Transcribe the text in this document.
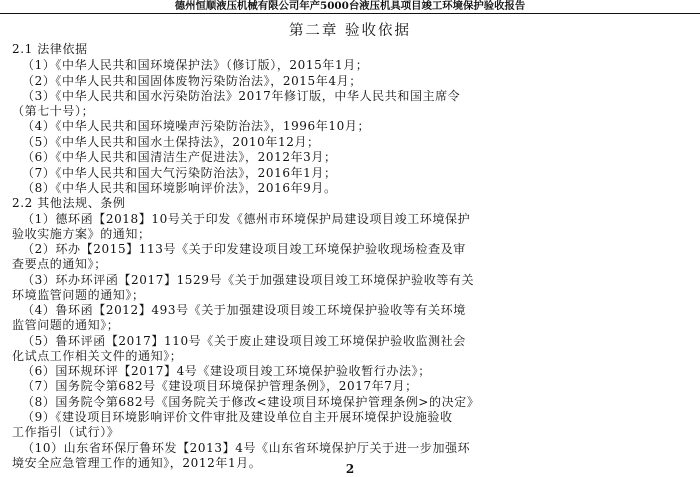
德州恒顺液压机械有限公司年产5000台液压机具项目竣工环境保护验收报告
第二章 验收依据
2.1 法律依据
（1）《中华人民共和国环境保护法》（修订版），2015年1月；
（2）《中华人民共和国固体废物污染防治法》，2015年4月；
（3）《中华人民共和国水污染防治法》2017年修订版，中华人民共和国主席令
（第七十号）；
（4）《中华人民共和国环境噪声污染防治法》，1996年10月；
（5）《中华人民共和国水土保持法》，2010年12月；
（6）《中华人民共和国清洁生产促进法》，2012年3月；
（7）《中华人民共和国大气污染防治法》，2016年1月；
（8）《中华人民共和国环境影响评价法》，2016年9月。
2.2 其他法规、条例
（1）德环函【2018】10号关于印发《德州市环境保护局建设项目竣工环境保护
验收实施方案》的通知；
（2）环办【2015】113号《关于印发建设项目竣工环境保护验收现场检查及审
查要点的通知》；
（3）环办环评函【2017】1529号《关于加强建设项目竣工环境保护验收等有关
环境监管问题的通知》；
（4）鲁环函【2012】493号《关于加强建设项目竣工环境保护验收等有关环境
监管问题的通知》；
（5）鲁环评函【2017】110号《关于废止建设项目竣工环境保护验收监测社会
化试点工作相关文件的通知》；
（6）国环规环评【2017】4号《建设项目竣工环境保护验收暂行办法》；
（7）国务院令第682号《建设项目环境保护管理条例》，2017年7月；
（8）国务院令第682号《国务院关于修改<建设项目环境保护管理条例>的决定》
（9）《建设项目环境影响评价文件审批及建设单位自主开展环境保护设施验收
工作指引（试行）》
（10）山东省环保厅鲁环发【2013】4号《山东省环境保护厅关于进一步加强环
境安全应急管理工作的通知》，2012年1月。	2
